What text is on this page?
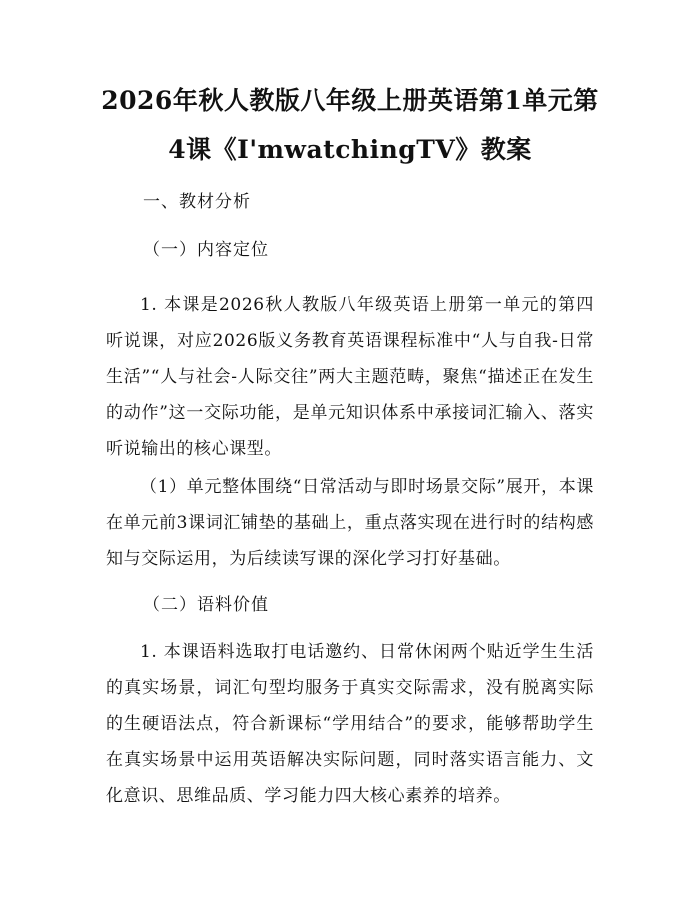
2026年秋人教版八年级上册英语第1单元第
4课《I'mwatchingTV》教案

一、教材分析

（一）内容定位

1. 本课是2026秋人教版八年级英语上册第一单元的第四听说课，对应2026版义务教育英语课程标准中“人与自我-日常生活”“人与社会-人际交往”两大主题范畴，聚焦“描述正在发生的动作”这一交际功能，是单元知识体系中承接词汇输入、落实听说输出的核心课型。

（1）单元整体围绕“日常活动与即时场景交际”展开，本课在单元前3课词汇铺垫的基础上，重点落实现在进行时的结构感知与交际运用，为后续读写课的深化学习打好基础。

（二）语料价值

1. 本课语料选取打电话邀约、日常休闲两个贴近学生生活的真实场景，词汇句型均服务于真实交际需求，没有脱离实际的生硬语法点，符合新课标“学用结合”的要求，能够帮助学生在真实场景中运用英语解决实际问题，同时落实语言能力、文化意识、思维品质、学习能力四大核心素养的培养。
